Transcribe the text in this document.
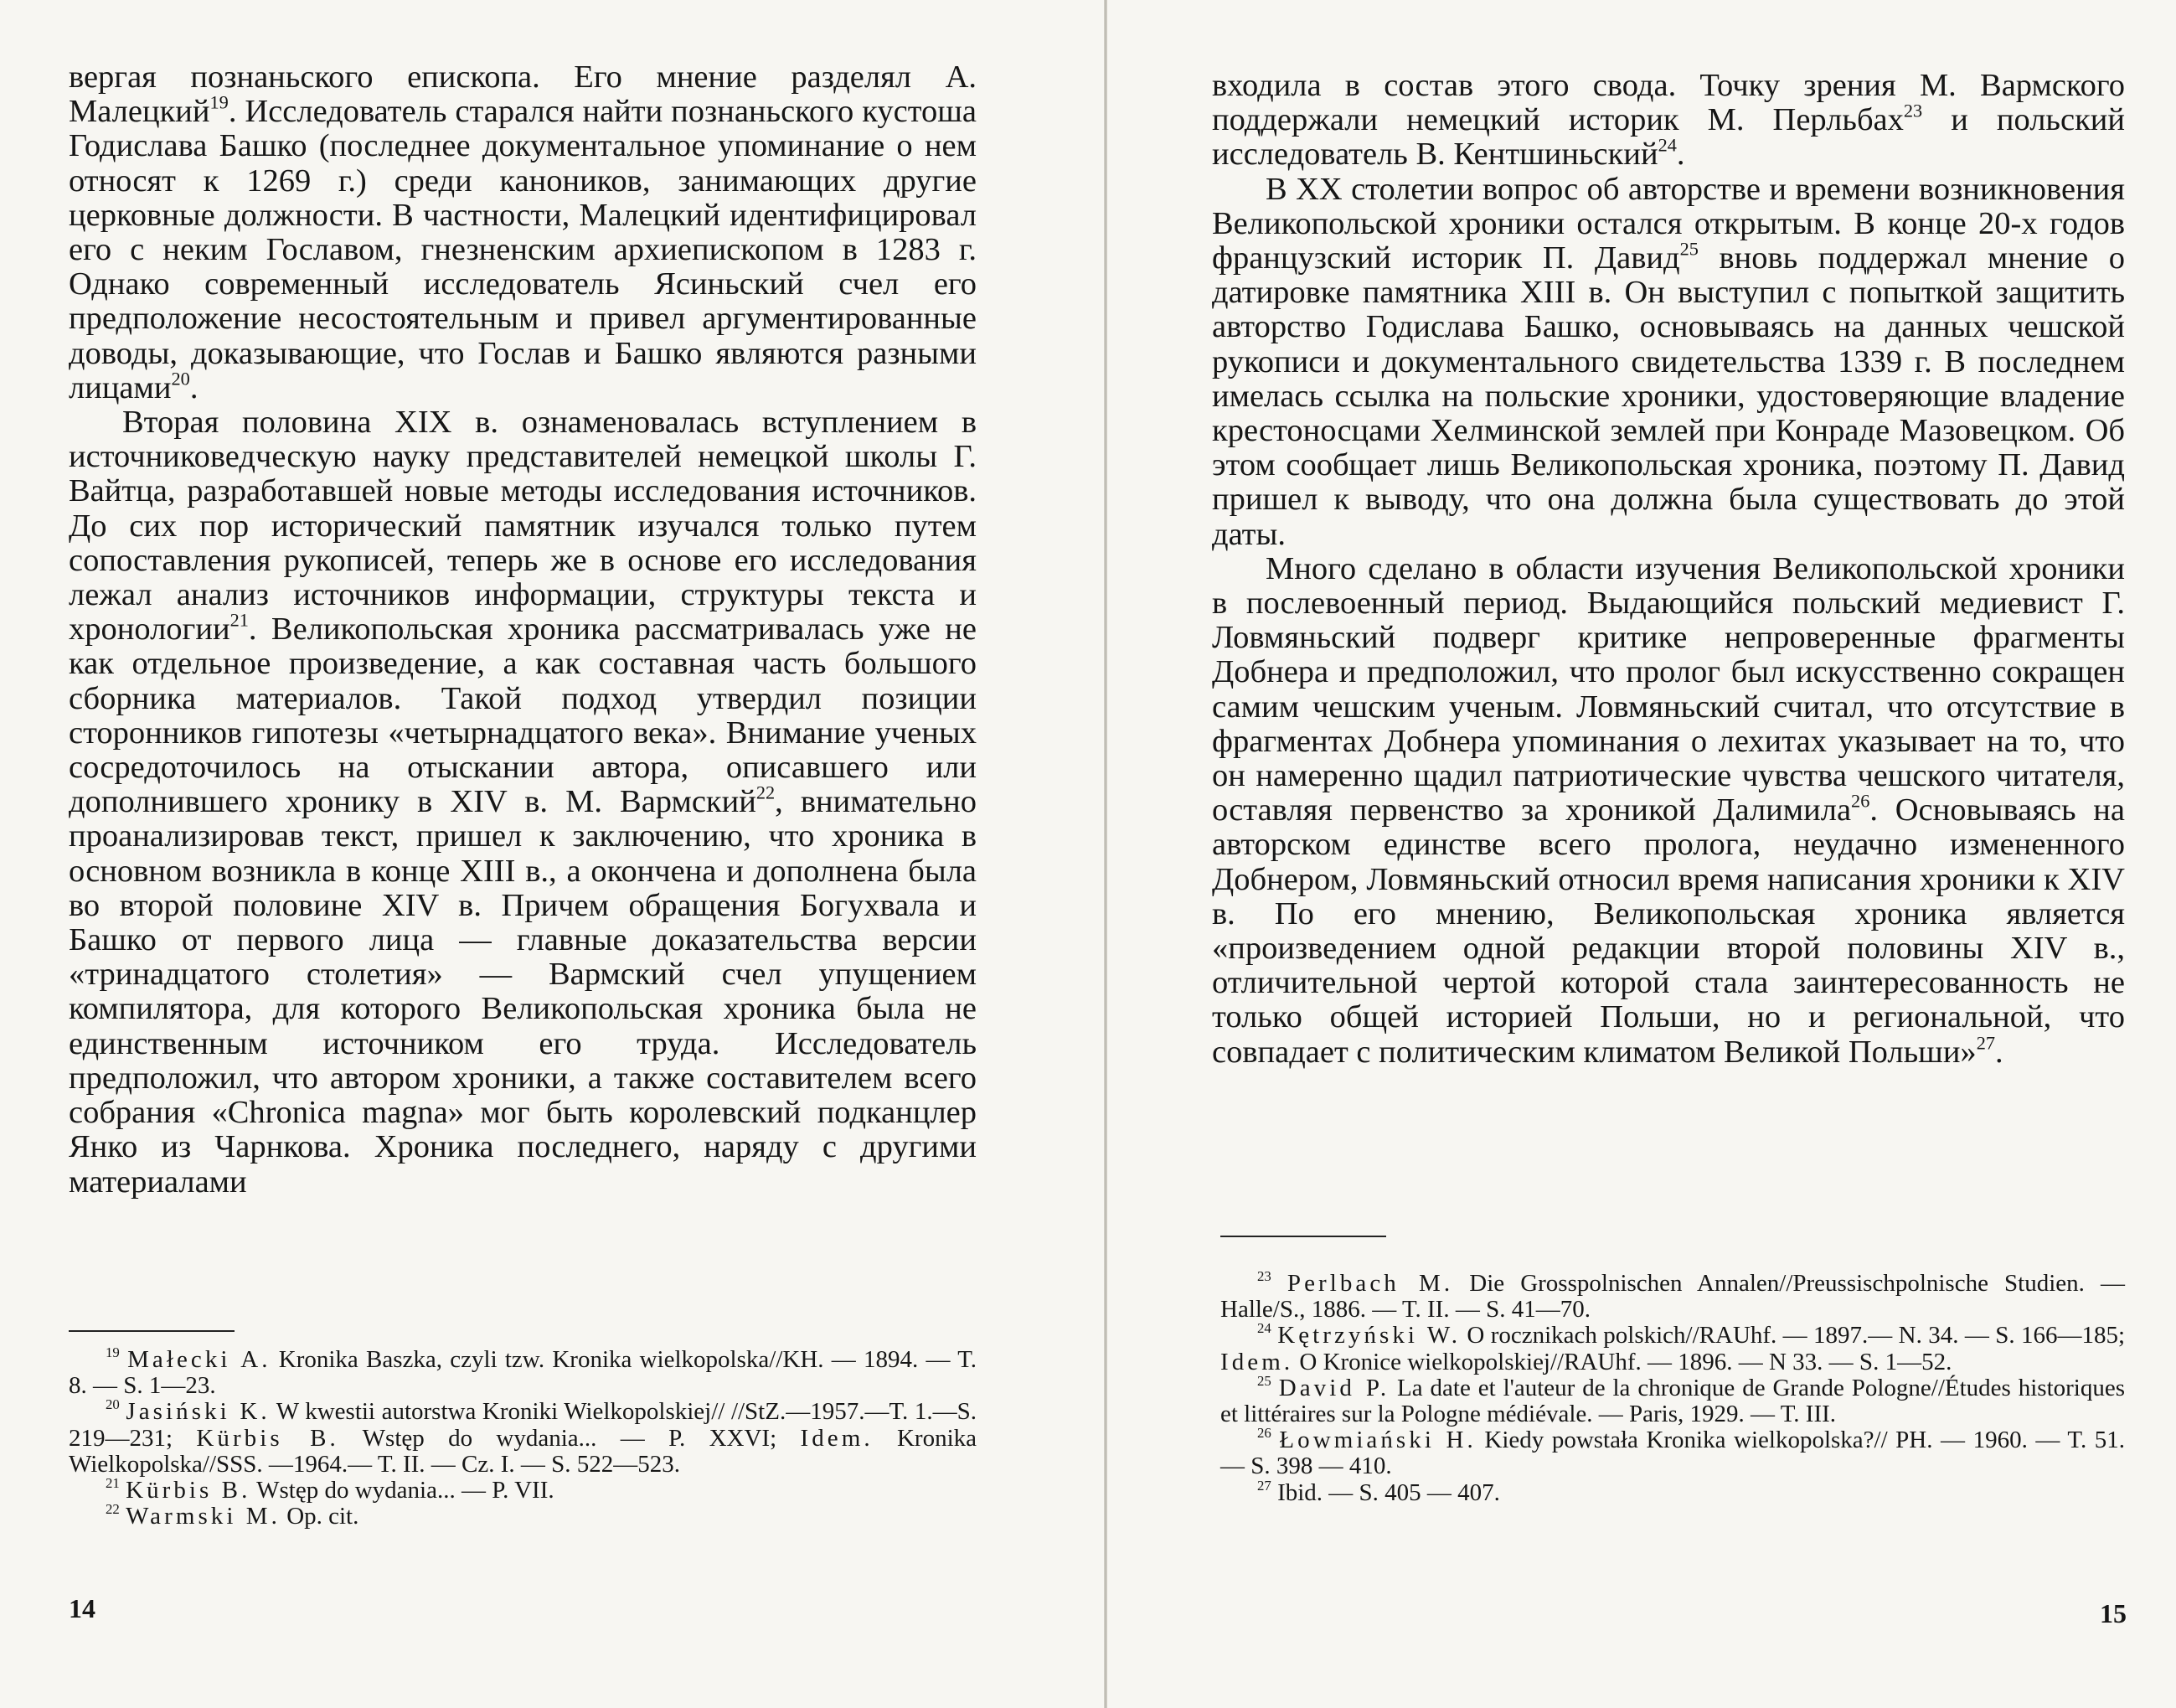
вергая познаньского епископа. Его мнение разделял А. Малецкий$^{19}$. Исследователь старался найти познаньского кустоша Годислава Башко (последнее документальное упоминание о нем относят к 1269 г.) среди каноников, занимающих другие церковные должности. В частности, Малецкий идентифицировал его с неким Гославом, гнезненским архиепископом в 1283 г. Однако современный исследователь Ясиньский счел его предположение несостоятельным и привел аргументированные доводы, доказывающие, что Гослав и Башко являются разными лицами$^{20}$.

Вторая половина XIX в. ознаменовалась вступлением в источниковедческую науку представителей немецкой школы Г. Вайтца, разработавшей новые методы исследования источников. До сих пор исторический памятник изучался только путем сопоставления рукописей, теперь же в основе его исследования лежал анализ источников информации, структуры текста и хронологии$^{21}$. Великопольская хроника рассматривалась уже не как отдельное произведение, а как составная часть большого сборника материалов. Такой подход утвердил позиции сторонников гипотезы «четырнадцатого века». Внимание ученых сосредоточилось на отыскании автора, описавшего или дополнившего хронику в XIV в. М. Вармский$^{22}$, внимательно проанализировав текст, пришел к заключению, что хроника в основном возникла в конце XIII в., а окончена и дополнена была во второй половине XIV в. Причем обращения Богухвала и Башко от первого лица — главные доказательства версии «тринадцатого столетия» — Вармский счел упущением компилятора, для которого Великопольская хроника была не единственным источником его труда. Исследователь предположил, что автором хроники, а также составителем всего собрания «Chronica magna» мог быть королевский подканцлер Янко из Чарнкова. Хроника последнего, наряду с другими материалами

$^{19}$ Małecki A. Kronika Baszka, czyli tzw. Kronika wielkopolska//KH. — 1894. — T. 8. — S. 1—23.

$^{20}$ Jasiński K. W kwestii autorstwa Kroniki Wielkopolskiej// //StZ.—1957.—T. 1.—S. 219—231; Kürbis B. Wstęp do wydania... — P. XXVI; Idem. Kronika Wielkopolska//SSS. —1964.— T. II. — Cz. I. — S. 522—523.

$^{21}$ Kürbis B. Wstęp do wydania... — P. VII.

$^{22}$ Warmski M. Op. cit.

14

входила в состав этого свода. Точку зрения М. Вармского поддержали немецкий историк М. Перльбах$^{23}$ и польский исследователь В. Кентшиньский$^{24}$.

В XX столетии вопрос об авторстве и времени возникновения Великопольской хроники остался открытым. В конце 20-х годов французский историк П. Давид$^{25}$ вновь поддержал мнение о датировке памятника XIII в. Он выступил с попыткой защитить авторство Годислава Башко, основываясь на данных чешской рукописи и документального свидетельства 1339 г. В последнем имелась ссылка на польские хроники, удостоверяющие владение крестоносцами Хелминской землей при Конраде Мазовецком. Об этом сообщает лишь Великопольская хроника, поэтому П. Давид пришел к выводу, что она должна была существовать до этой даты.

Много сделано в области изучения Великопольской хроники в послевоенный период. Выдающийся польский медиевист Г. Ловмяньский подверг критике непроверенные фрагменты Добнера и предположил, что пролог был искусственно сокращен самим чешским ученым. Ловмяньский считал, что отсутствие в фрагментах Добнера упоминания о лехитах указывает на то, что он намеренно щадил патриотические чувства чешского читателя, оставляя первенство за хроникой Далимила$^{26}$. Основываясь на авторском единстве всего пролога, неудачно измененного Добнером, Ловмяньский относил время написания хроники к XIV в. По его мнению, Великопольская хроника является «произведением одной редакции второй половины XIV в., отличительной чертой которой стала заинтересованность не только общей историей Польши, но и региональной, что совпадает с политическим климатом Великой Польши»$^{27}$.

$^{23}$ Perlbach M. Die Grosspolnischen Annalen//Preussischpolnische Studien. — Halle/S., 1886. — T. II. — S. 41—70.

$^{24}$ Kętrzyński W. O rocznikach polskich//RAUhf. — 1897.— N. 34. — S. 166—185; Idem. O Kronice wielkopolskiej//RAUhf. — 1896. — N 33. — S. 1—52.

$^{25}$ David P. La date et l'auteur de la chronique de Grande Pologne//Études historiques et littéraires sur la Pologne médiévale. — Paris, 1929. — T. III.

$^{26}$ Łowmiański H. Kiedy powstała Kronika wielkopolska?// PH. — 1960. — T. 51. — S. 398 — 410.

$^{27}$ Ibid. — S. 405 — 407.

15
